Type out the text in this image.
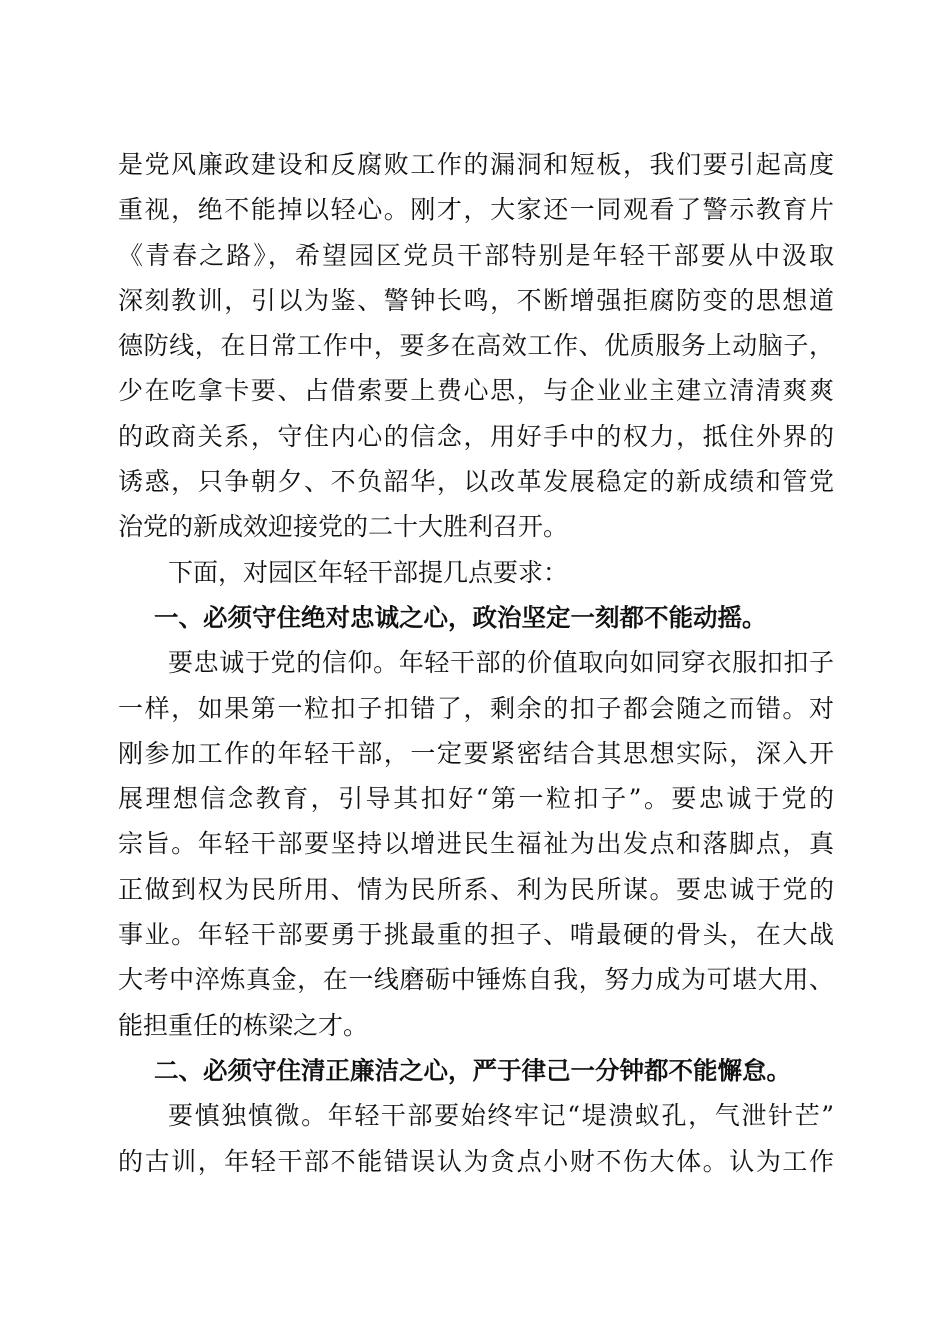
是党风廉政建设和反腐败工作的漏洞和短板，我们要引起高度
重视，绝不能掉以轻心。刚才，大家还一同观看了警示教育片
《青春之路》，希望园区党员干部特别是年轻干部要从中汲取
深刻教训，引以为鉴、警钟长鸣，不断增强拒腐防变的思想道
德防线，在日常工作中，要多在高效工作、优质服务上动脑子，
少在吃拿卡要、占借索要上费心思，与企业业主建立清清爽爽
的政商关系，守住内心的信念，用好手中的权力，抵住外界的
诱惑，只争朝夕、不负韶华，以改革发展稳定的新成绩和管党
治党的新成效迎接党的二十大胜利召开。
下面，对园区年轻干部提几点要求：
一、必须守住绝对忠诚之心，政治坚定一刻都不能动摇。
要忠诚于党的信仰。年轻干部的价值取向如同穿衣服扣扣子
一样，如果第一粒扣子扣错了，剩余的扣子都会随之而错。对
刚参加工作的年轻干部，一定要紧密结合其思想实际，深入开
展理想信念教育，引导其扣好“第一粒扣子”。要忠诚于党的
宗旨。年轻干部要坚持以增进民生福祉为出发点和落脚点，真
正做到权为民所用、情为民所系、利为民所谋。要忠诚于党的
事业。年轻干部要勇于挑最重的担子、啃最硬的骨头，在大战
大考中淬炼真金，在一线磨砺中锤炼自我，努力成为可堪大用、
能担重任的栋梁之才。
二、必须守住清正廉洁之心，严于律己一分钟都不能懈怠。
要慎独慎微。年轻干部要始终牢记“堤溃蚁孔，气泄针芒”
的古训，年轻干部不能错误认为贪点小财不伤大体。认为工作
